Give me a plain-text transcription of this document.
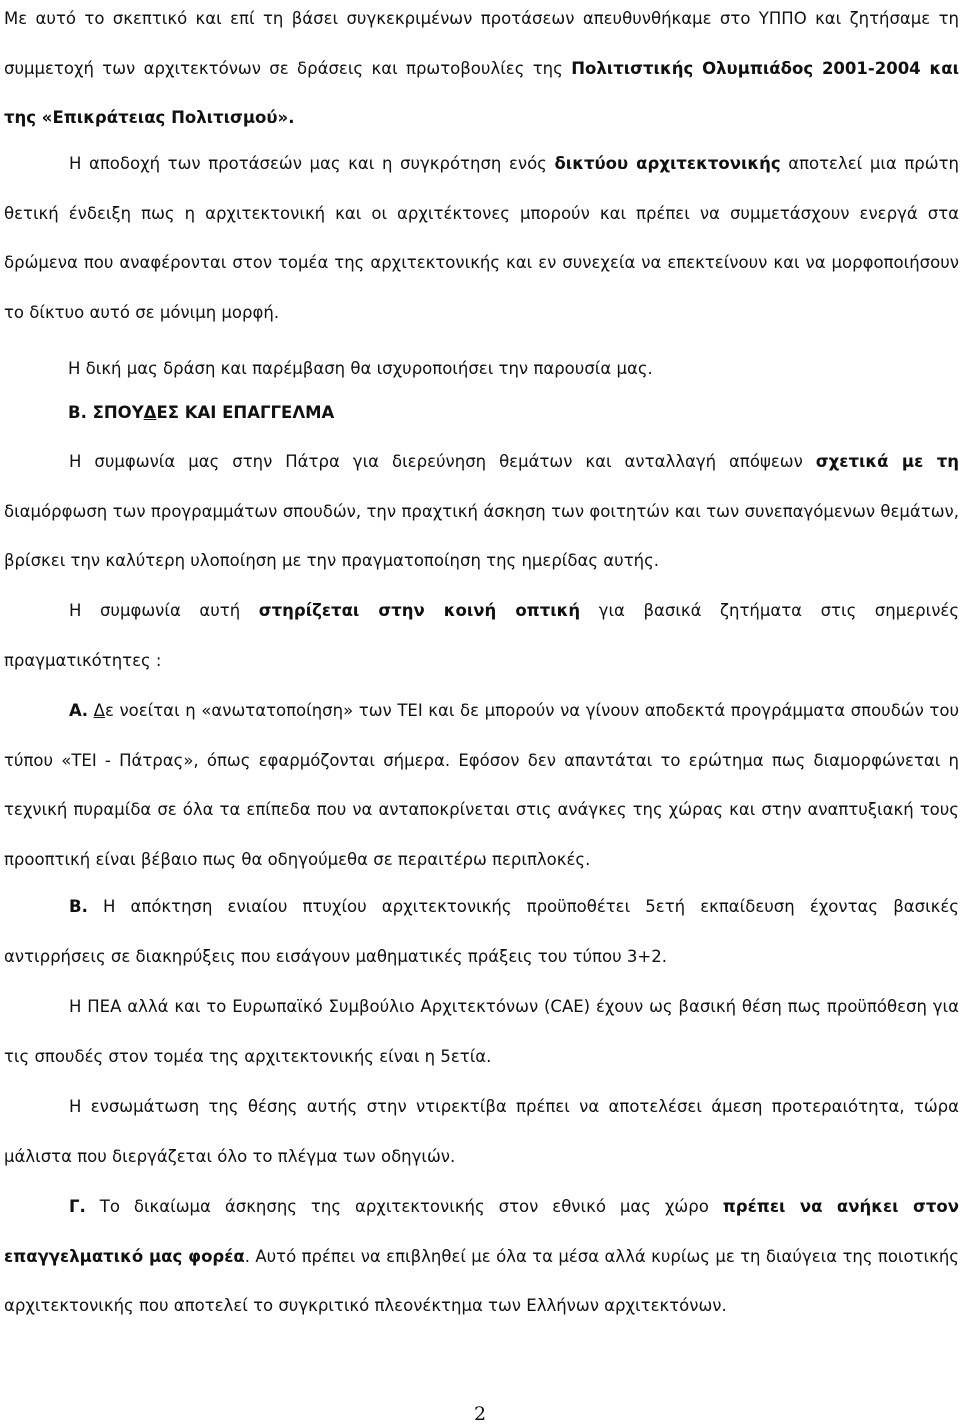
Με αυτό το σκεπτικό και επί τη βάσει συγκεκριμένων προτάσεων απευθυνθήκαμε στο ΥΠΠΟ και ζητήσαμε τη συμμετοχή των αρχιτεκτόνων σε δράσεις και πρωτοβουλίες της Πολιτιστικής Ολυμπιάδος 2001-2004 και της «Επικράτειας Πολιτισμού».

Η αποδοχή των προτάσεών μας και η συγκρότηση ενός δικτύου αρχιτεκτονικής αποτελεί μια πρώτη θετική ένδειξη πως η αρχιτεκτονική και οι αρχιτέκτονες μπορούν και πρέπει να συμμετάσχουν ενεργά στα δρώμενα που αναφέρονται στον τομέα της αρχιτεκτονικής και εν συνεχεία να επεκτείνουν και να μορφοποιήσουν το δίκτυο αυτό σε μόνιμη μορφή.

Η δική μας δράση και παρέμβαση θα ισχυροποιήσει την παρουσία μας.

Β. ΣΠΟΥΔΕΣ ΚΑΙ ΕΠΑΓΓΕΛΜΑ

Η συμφωνία μας στην Πάτρα για διερεύνηση θεμάτων και ανταλλαγή απόψεων σχετικά με τη διαμόρφωση των προγραμμάτων σπουδών, την πραχτική άσκηση των φοιτητών και των συνεπαγόμενων θεμάτων, βρίσκει την καλύτερη υλοποίηση με την πραγματοποίηση της ημερίδας αυτής.

Η συμφωνία αυτή στηρίζεται στην κοινή οπτική για βασικά ζητήματα στις σημερινές πραγματικότητες :

Α. Δε νοείται η «ανωτατοποίηση» των ΤΕΙ και δε μπορούν να γίνουν αποδεκτά προγράμματα σπουδών του τύπου «ΤΕΙ - Πάτρας», όπως εφαρμόζονται σήμερα. Εφόσον δεν απαντάται το ερώτημα πως διαμορφώνεται η τεχνική πυραμίδα σε όλα τα επίπεδα που να ανταποκρίνεται στις ανάγκες της χώρας και στην αναπτυξιακή τους προοπτική είναι βέβαιο πως θα οδηγούμεθα σε περαιτέρω περιπλοκές.

Β. Η απόκτηση ενιαίου πτυχίου αρχιτεκτονικής προϋποθέτει 5ετή εκπαίδευση έχοντας βασικές αντιρρήσεις σε διακηρύξεις που εισάγουν μαθηματικές πράξεις του τύπου 3+2.

Η ΠΕΑ αλλά και το Ευρωπαϊκό Συμβούλιο Αρχιτεκτόνων (CAE) έχουν ως βασική θέση πως προϋπόθεση για τις σπουδές στον τομέα της αρχιτεκτονικής είναι η 5ετία.

Η ενσωμάτωση της θέσης αυτής στην ντιρεκτίβα πρέπει να αποτελέσει άμεση προτεραιότητα, τώρα μάλιστα που διεργάζεται όλο το πλέγμα των οδηγιών.

Γ. Το δικαίωμα άσκησης της αρχιτεκτονικής στον εθνικό μας χώρο πρέπει να ανήκει στον επαγγελματικό μας φορέα. Αυτό πρέπει να επιβληθεί με όλα τα μέσα αλλά κυρίως με τη διαύγεια της ποιοτικής αρχιτεκτονικής που αποτελεί το συγκριτικό πλεονέκτημα των Ελλήνων αρχιτεκτόνων.

2
